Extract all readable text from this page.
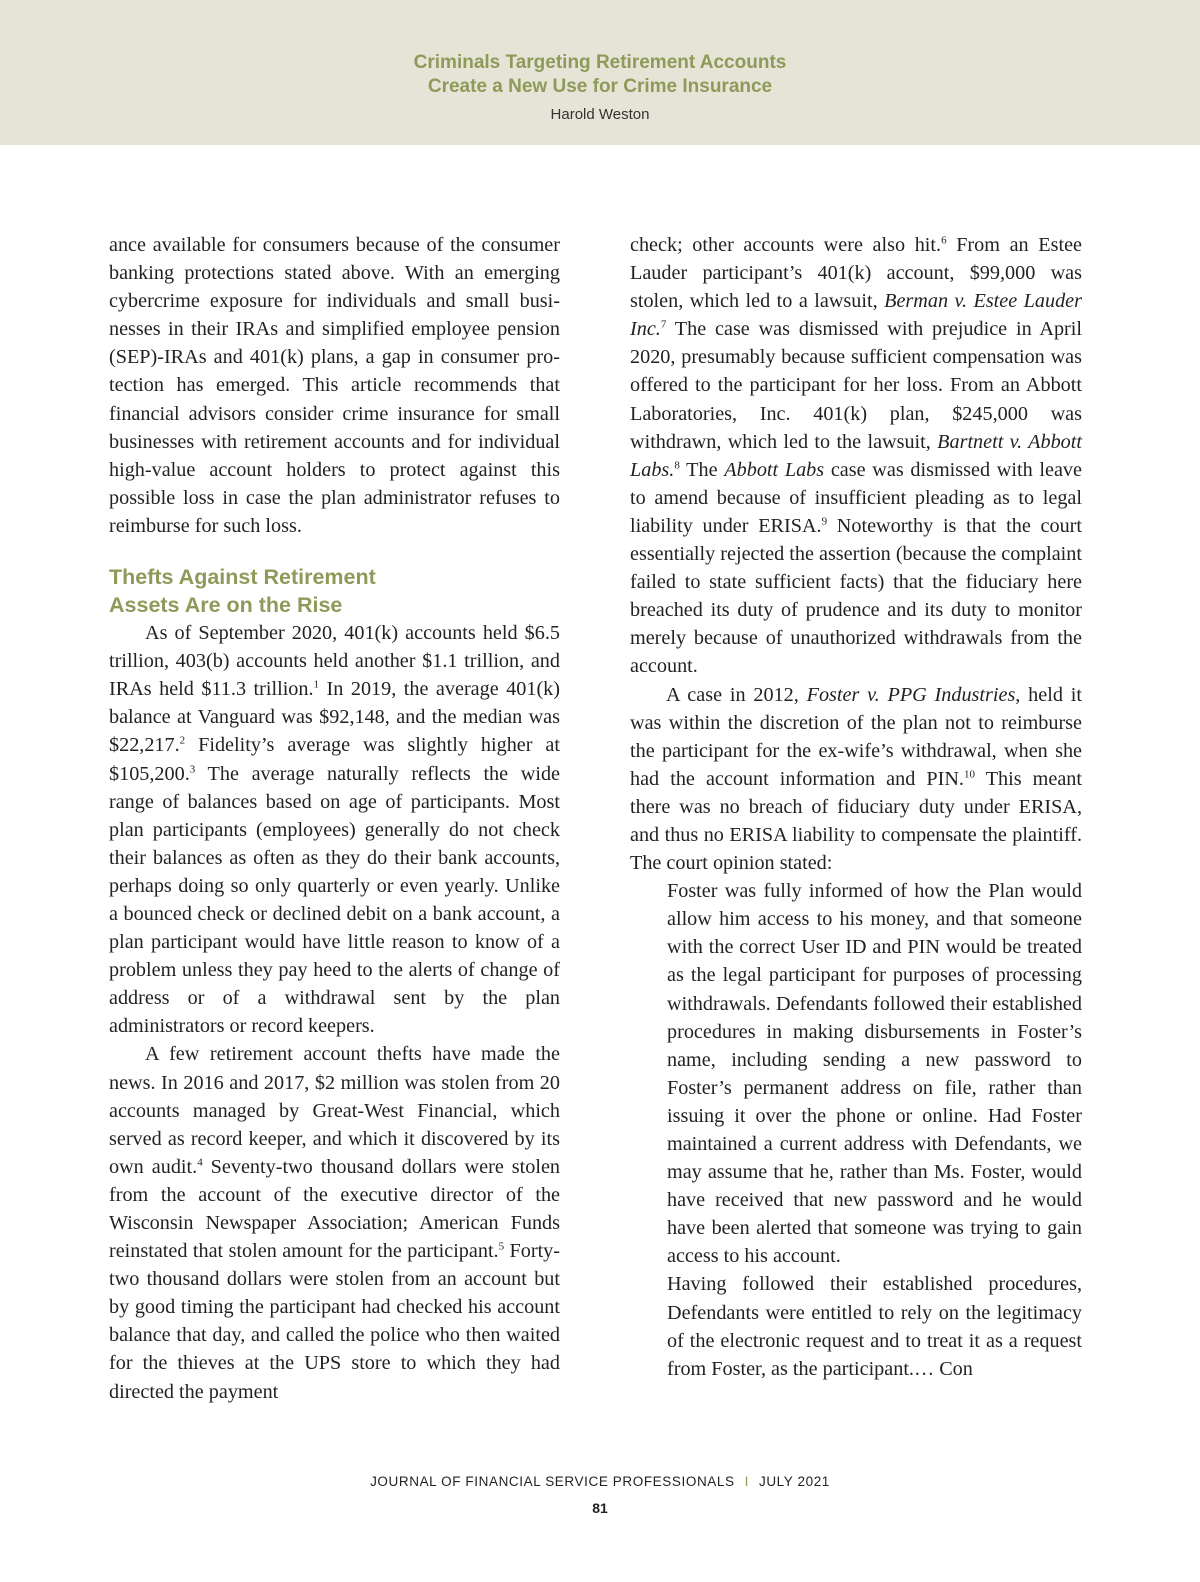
Criminals Targeting Retirement Accounts
Create a New Use for Crime Insurance
Harold Weston

ance available for consumers because of the consumer banking protections stated above. With an emerging cybercrime exposure for individuals and small businesses in their IRAs and simplified employee pension (SEP)-IRAs and 401(k) plans, a gap in consumer protection has emerged. This article recommends that financial advisors consider crime insurance for small businesses with retirement accounts and for individual high-value account holders to protect against this possible loss in case the plan administrator refuses to reimburse for such loss.

Thefts Against Retirement
Assets Are on the Rise

As of September 2020, 401(k) accounts held $6.5 trillion, 403(b) accounts held another $1.1 trillion, and IRAs held $11.3 trillion.$^1$ In 2019, the average 401(k) balance at Vanguard was $92,148, and the median was $22,217.$^2$ Fidelity’s average was slightly higher at $105,200.$^3$ The average naturally reflects the wide range of balances based on age of participants. Most plan participants (employees) generally do not check their balances as often as they do their bank accounts, perhaps doing so only quarterly or even yearly. Unlike a bounced check or declined debit on a bank account, a plan participant would have little reason to know of a problem unless they pay heed to the alerts of change of address or of a withdrawal sent by the plan administrators or record keepers.

A few retirement account thefts have made the news. In 2016 and 2017, $2 million was stolen from 20 accounts managed by Great-West Financial, which served as record keeper, and which it discovered by its own audit.$^4$ Seventy-two thousand dollars were stolen from the account of the executive director of the Wisconsin Newspaper Association; American Funds reinstated that stolen amount for the participant.$^5$ Forty-two thousand dollars were stolen from an account but by good timing the participant had checked his account balance that day, and called the police who then waited for the thieves at the UPS store to which they had directed the payment

check; other accounts were also hit.$^6$ From an Estee Lauder participant’s 401(k) account, $99,000 was stolen, which led to a lawsuit, Berman v. Estee Lauder Inc.$^7$ The case was dismissed with prejudice in April 2020, presumably because sufficient compensation was offered to the participant for her loss. From an Abbott Laboratories, Inc. 401(k) plan, $245,000 was withdrawn, which led to the lawsuit, Bartnett v. Abbott Labs.$^8$ The Abbott Labs case was dismissed with leave to amend because of insufficient pleading as to legal liability under ERISA.$^9$ Noteworthy is that the court essentially rejected the assertion (because the complaint failed to state sufficient facts) that the fiduciary here breached its duty of prudence and its duty to monitor merely because of unauthorized withdrawals from the account.

A case in 2012, Foster v. PPG Industries, held it was within the discretion of the plan not to reimburse the participant for the ex-wife’s withdrawal, when she had the account information and PIN.$^{10}$ This meant there was no breach of fiduciary duty under ERISA, and thus no ERISA liability to compensate the plaintiff. The court opinion stated:

Foster was fully informed of how the Plan would allow him access to his money, and that someone with the correct User ID and PIN would be treated as the legal participant for purposes of processing withdrawals. Defendants followed their established procedures in making disbursements in Foster’s name, including sending a new password to Foster’s permanent address on file, rather than issuing it over the phone or online. Had Foster maintained a current address with Defendants, we may assume that he, rather than Ms. Foster, would have received that new password and he would have been alerted that someone was trying to gain access to his account.

Having followed their established procedures, Defendants were entitled to rely on the legitimacy of the electronic request and to treat it as a request from Foster, as the participant.… Con

JOURNAL OF FINANCIAL SERVICE PROFESSIONALS I JULY 2021
81
